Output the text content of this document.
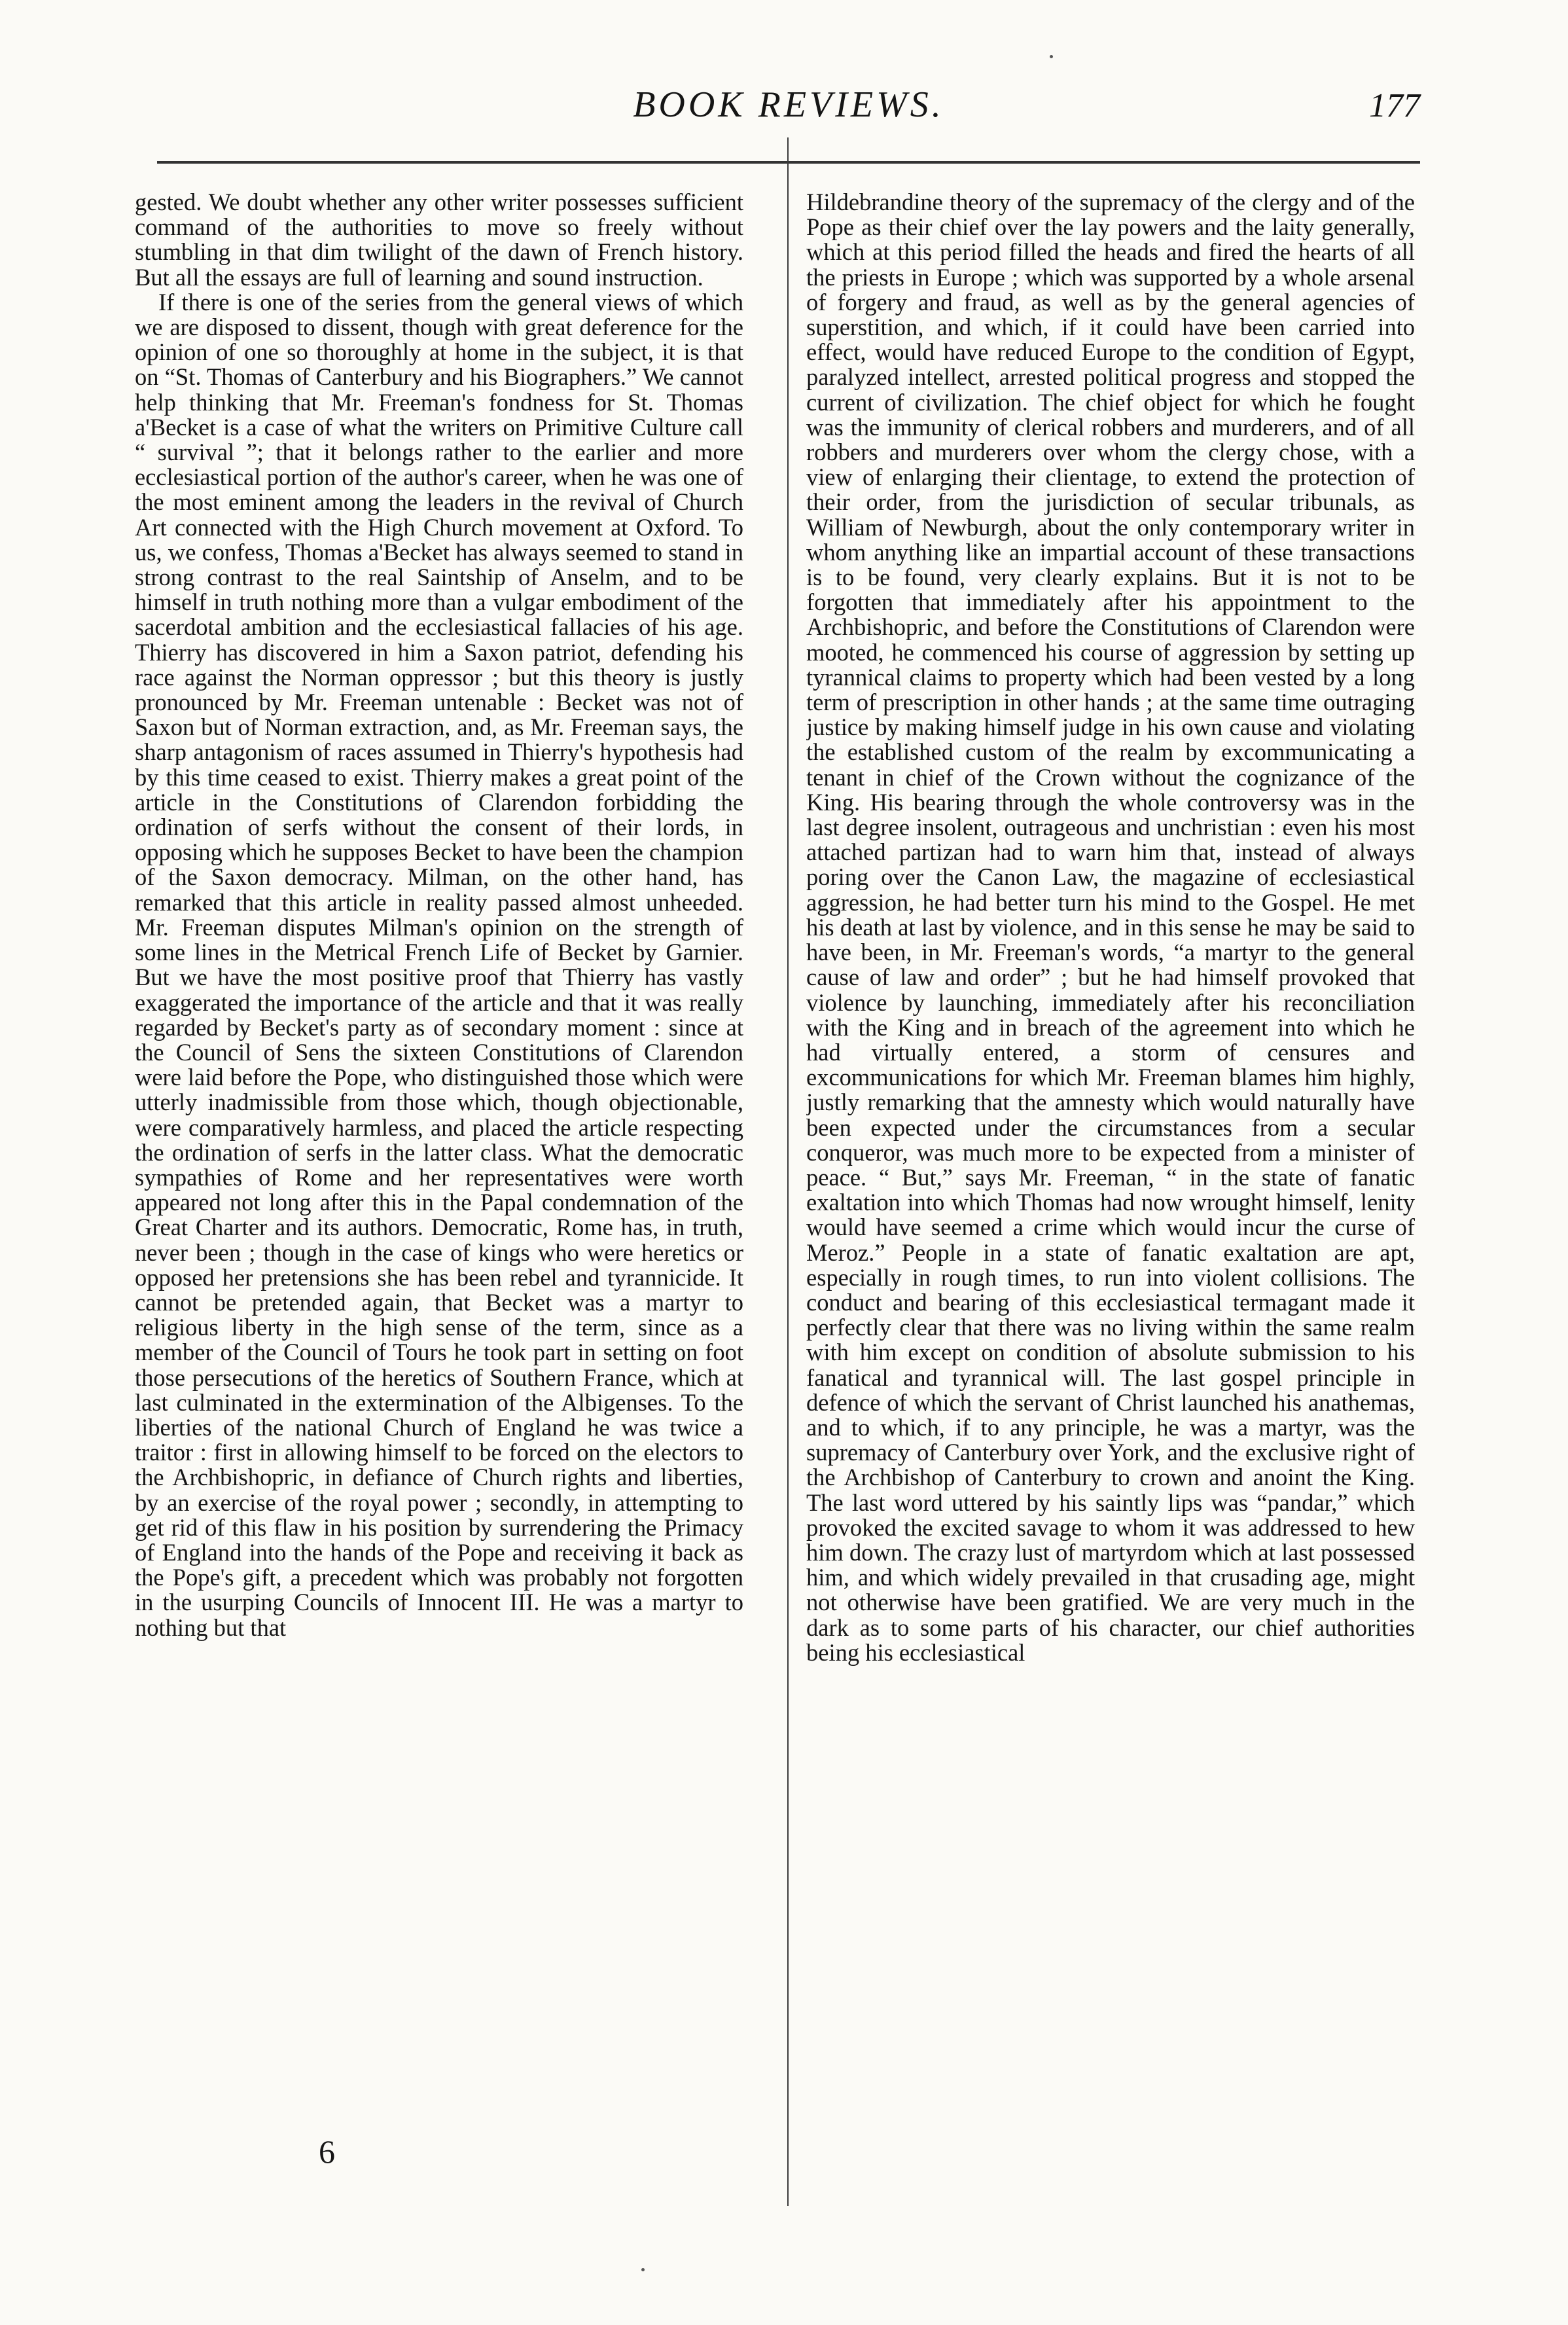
BOOK REVIEWS.	177

gested. We doubt whether any other writer possesses sufficient command of the authorities to move so freely without stumbling in that dim twilight of the dawn of French history. But all the essays are full of learning and sound instruction.

If there is one of the series from the general views of which we are disposed to dissent, though with great deference for the opinion of one so thoroughly at home in the subject, it is that on “St. Thomas of Canterbury and his Biographers.” We cannot help thinking that Mr. Freeman's fondness for St. Thomas a'Becket is a case of what the writers on Primitive Culture call “ survival ”; that it belongs rather to the earlier and more ecclesiastical portion of the author's career, when he was one of the most eminent among the leaders in the revival of Church Art connected with the High Church movement at Oxford. To us, we confess, Thomas a'Becket has always seemed to stand in strong contrast to the real Saintship of Anselm, and to be himself in truth nothing more than a vulgar embodiment of the sacerdotal ambition and the ecclesiastical fallacies of his age. Thierry has discovered in him a Saxon patriot, defending his race against the Norman oppressor ; but this theory is justly pronounced by Mr. Freeman untenable : Becket was not of Saxon but of Norman extraction, and, as Mr. Freeman says, the sharp antagonism of races assumed in Thierry's hypothesis had by this time ceased to exist. Thierry makes a great point of the article in the Constitutions of Clarendon forbidding the ordination of serfs without the consent of their lords, in opposing which he supposes Becket to have been the champion of the Saxon democracy. Milman, on the other hand, has remarked that this article in reality passed almost unheeded. Mr. Freeman disputes Milman's opinion on the strength of some lines in the Metrical French Life of Becket by Garnier. But we have the most positive proof that Thierry has vastly exaggerated the importance of the article and that it was really regarded by Becket's party as of secondary moment : since at the Council of Sens the sixteen Constitutions of Clarendon were laid before the Pope, who distinguished those which were utterly inadmissible from those which, though objectionable, were comparatively harmless, and placed the article respecting the ordination of serfs in the latter class. What the democratic sympathies of Rome and her representatives were worth appeared not long after this in the Papal condemnation of the Great Charter and its authors. Democratic, Rome has, in truth, never been ; though in the case of kings who were heretics or opposed her pretensions she has been rebel and tyrannicide. It cannot be pretended again, that Becket was a martyr to religious liberty in the high sense of the term, since as a member of the Council of Tours he took part in setting on foot those persecutions of the heretics of Southern France, which at last culminated in the extermination of the Albigenses. To the liberties of the national Church of England he was twice a traitor : first in allowing himself to be forced on the electors to the Archbishopric, in defiance of Church rights and liberties, by an exercise of the royal power ; secondly, in attempting to get rid of this flaw in his position by surrendering the Primacy of England into the hands of the Pope and receiving it back as the Pope's gift, a precedent which was probably not forgotten in the usurping Councils of Innocent III. He was a martyr to nothing but that

Hildebrandine theory of the supremacy of the clergy and of the Pope as their chief over the lay powers and the laity generally, which at this period filled the heads and fired the hearts of all the priests in Europe ; which was supported by a whole arsenal of forgery and fraud, as well as by the general agencies of superstition, and which, if it could have been carried into effect, would have reduced Europe to the condition of Egypt, paralyzed intellect, arrested political progress and stopped the current of civilization. The chief object for which he fought was the immunity of clerical robbers and murderers, and of all robbers and murderers over whom the clergy chose, with a view of enlarging their clientage, to extend the protection of their order, from the jurisdiction of secular tribunals, as William of Newburgh, about the only contemporary writer in whom anything like an impartial account of these transactions is to be found, very clearly explains. But it is not to be forgotten that immediately after his appointment to the Archbishopric, and before the Constitutions of Clarendon were mooted, he commenced his course of aggression by setting up tyrannical claims to property which had been vested by a long term of prescription in other hands ; at the same time outraging justice by making himself judge in his own cause and violating the established custom of the realm by excommunicating a tenant in chief of the Crown without the cognizance of the King. His bearing through the whole controversy was in the last degree insolent, outrageous and unchristian : even his most attached partizan had to warn him that, instead of always poring over the Canon Law, the magazine of ecclesiastical aggression, he had better turn his mind to the Gospel. He met his death at last by violence, and in this sense he may be said to have been, in Mr. Freeman's words, “a martyr to the general cause of law and order” ; but he had himself provoked that violence by launching, immediately after his reconciliation with the King and in breach of the agreement into which he had virtually entered, a storm of censures and excommunications for which Mr. Freeman blames him highly, justly remarking that the amnesty which would naturally have been expected under the circumstances from a secular conqueror, was much more to be expected from a minister of peace. “ But,” says Mr. Freeman, “ in the state of fanatic exaltation into which Thomas had now wrought himself, lenity would have seemed a crime which would incur the curse of Meroz.” People in a state of fanatic exaltation are apt, especially in rough times, to run into violent collisions. The conduct and bearing of this ecclesiastical termagant made it perfectly clear that there was no living within the same realm with him except on condition of absolute submission to his fanatical and tyrannical will. The last gospel principle in defence of which the servant of Christ launched his anathemas, and to which, if to any principle, he was a martyr, was the supremacy of Canterbury over York, and the exclusive right of the Archbishop of Canterbury to crown and anoint the King. The last word uttered by his saintly lips was “pandar,” which provoked the excited savage to whom it was addressed to hew him down. The crazy lust of martyrdom which at last possessed him, and which widely prevailed in that crusading age, might not otherwise have been gratified. We are very much in the dark as to some parts of his character, our chief authorities being his ecclesiastical

6
